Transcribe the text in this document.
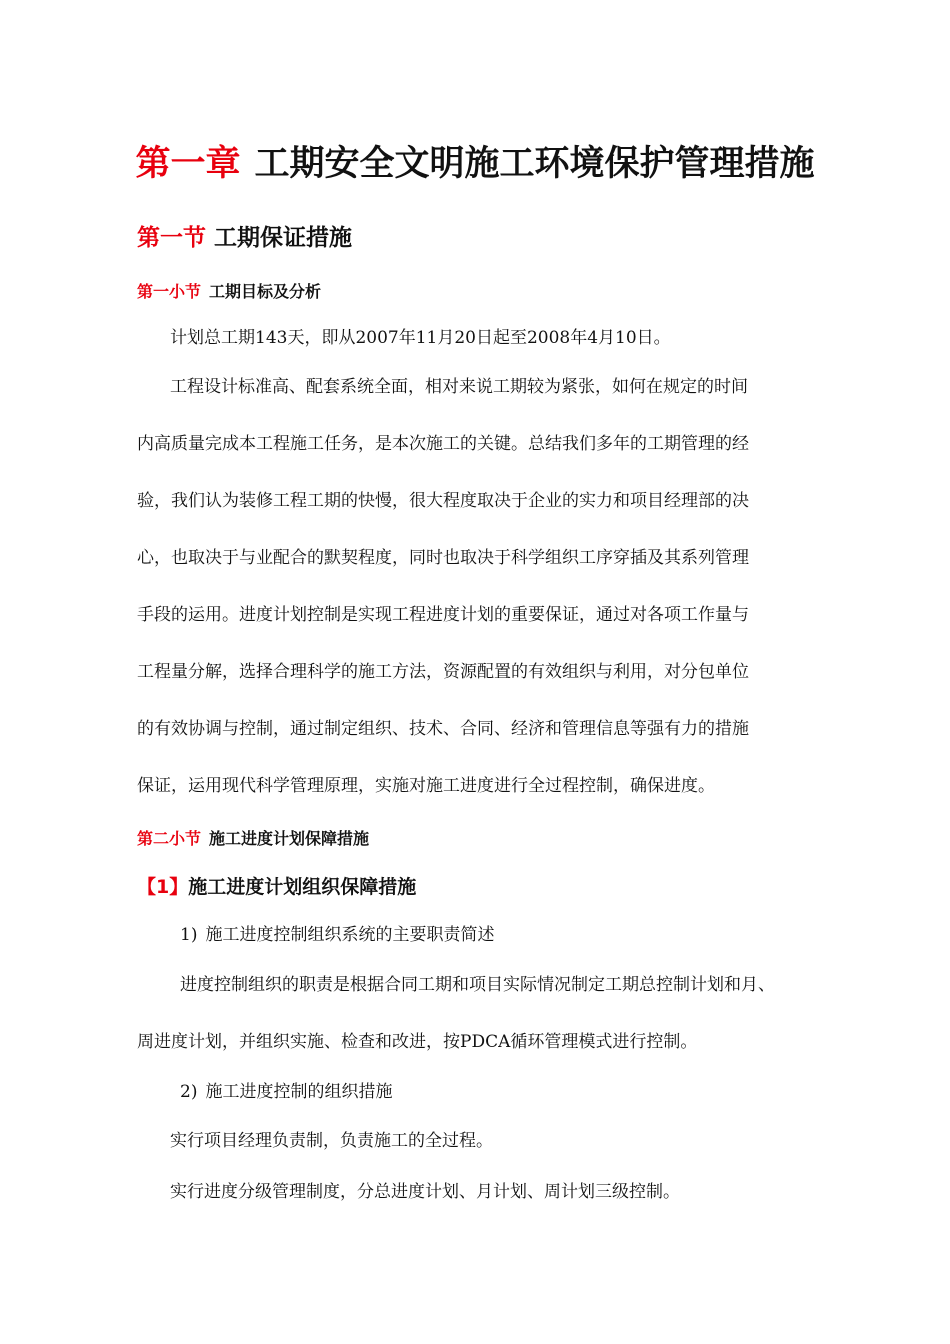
第一章 工期安全文明施工环境保护管理措施
第一节 工期保证措施
第一小节 工期目标及分析
计划总工期143天，即从2007年11月20日起至2008年4月10日。
工程设计标准高、配套系统全面，相对来说工期较为紧张，如何在规定的时间
内高质量完成本工程施工任务，是本次施工的关键。总结我们多年的工期管理的经
验，我们认为装修工程工期的快慢，很大程度取决于企业的实力和项目经理部的决
心，也取决于与业配合的默契程度，同时也取决于科学组织工序穿插及其系列管理
手段的运用。进度计划控制是实现工程进度计划的重要保证，通过对各项工作量与
工程量分解，选择合理科学的施工方法，资源配置的有效组织与利用，对分包单位
的有效协调与控制，通过制定组织、技术、合同、经济和管理信息等强有力的措施
保证，运用现代科学管理原理，实施对施工进度进行全过程控制，确保进度。
第二小节 施工进度计划保障措施
【1】施工进度计划组织保障措施
1) 施工进度控制组织系统的主要职责简述
进度控制组织的职责是根据合同工期和项目实际情况制定工期总控制计划和月、
周进度计划，并组织实施、检查和改进，按PDCA循环管理模式进行控制。
2) 施工进度控制的组织措施
实行项目经理负责制，负责施工的全过程。
实行进度分级管理制度，分总进度计划、月计划、周计划三级控制。
